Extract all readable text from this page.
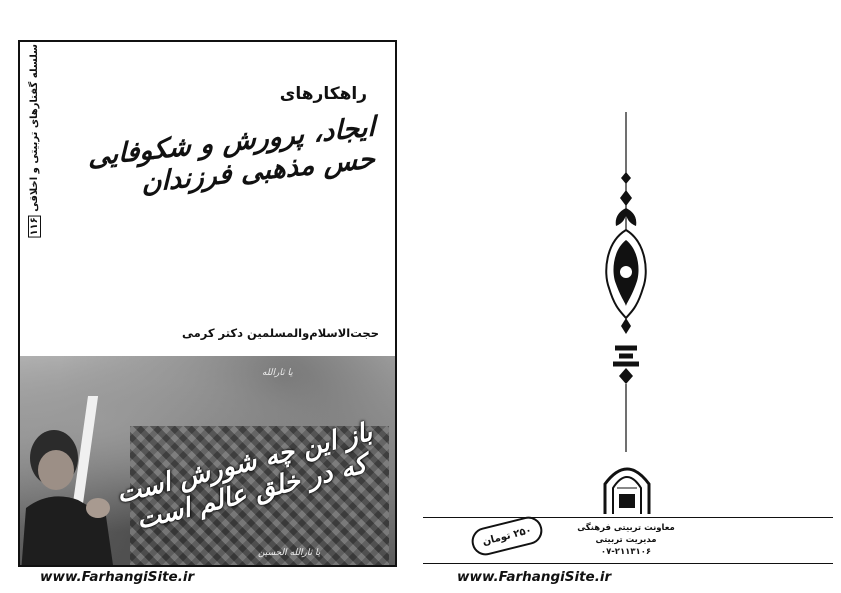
سلسله گفتارهای تربیتی و اخلاقی ۱۱۶
راهکارهای
ایجاد، پرورش و شکوفایی حس مذهبی فرزندان
حجت‌الاسلام‌والمسلمین دکتر کرمی
یا ثارالله
باز این چه شورش است که در خلق عالم است
یا ثارالله الحسین
۲۵۰ تومان	معاونت تربیتی فرهنگی
مدیریت تربیتی
۰۷-۲۱۱۳۱۰۶
www.FarhangiSite.ir	www.FarhangiSite.ir
